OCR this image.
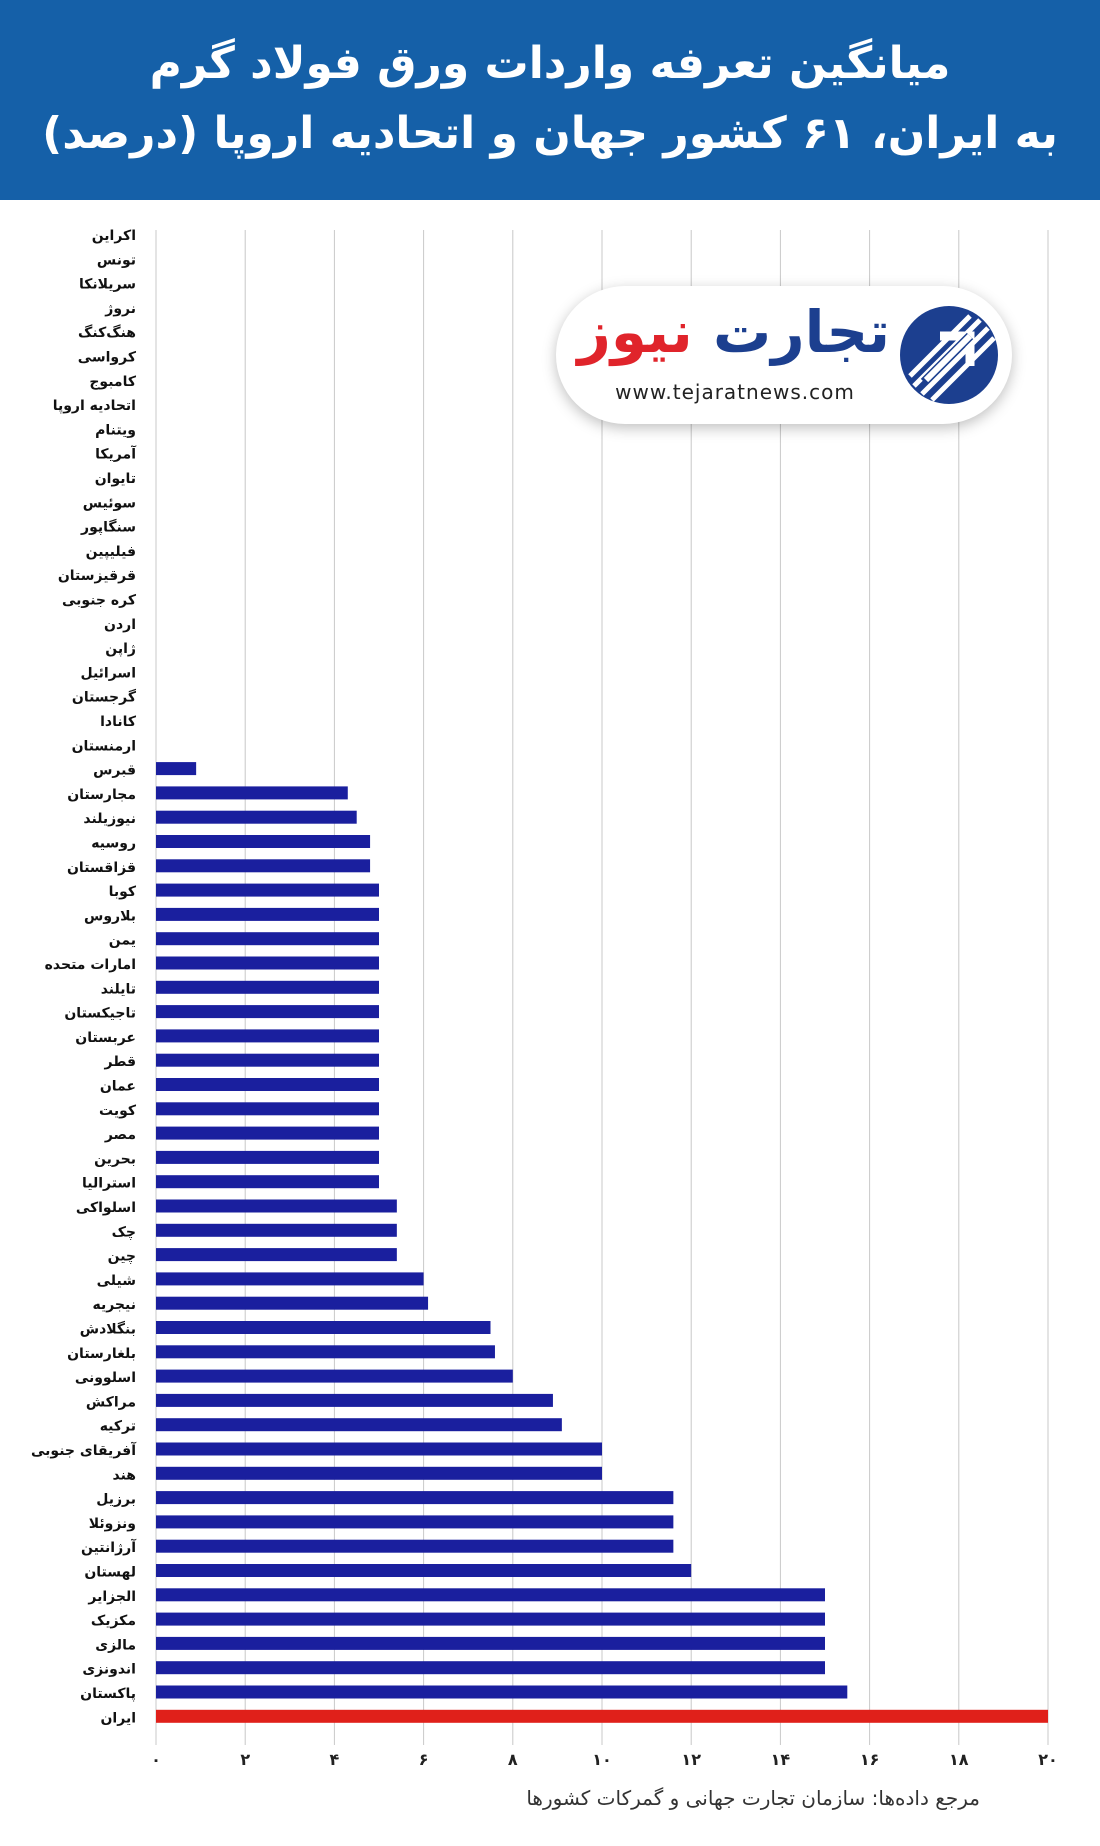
میانگین تعرفه واردات ورق فولاد گرم
به ایران، ۶۱ کشور جهان و اتحادیه اروپا (درصد)
اکراین
تونس
سریلانکا
نروژ
هنگ‌کنگ
کرواسی
کامبوج
اتحادیه اروپا
ویتنام
آمریکا
تایوان
سوئیس
سنگاپور
فیلیپین
قرقیزستان
کره جنوبی
اردن
ژاپن
اسرائیل
گرجستان
کانادا
ارمنستان
قبرس
مجارستان
نیوزیلند
روسیه
قزاقستان
کوبا
بلاروس
یمن
امارات متحده
تایلند
تاجیکستان
عربستان
قطر
عمان
کویت
مصر
بحرین
استرالیا
اسلواکی
چک
چین
شیلی
نیجریه
بنگلادش
بلغارستان
اسلوونی
مراکش
ترکیه
آفریقای جنوبی
هند
برزیل
ونزوئلا
آرژانتین
لهستان
الجزایر
مکزیک
مالزی
اندونزی
پاکستان
ایران
۰	۲	۴	۶	۸	۱۰	۱۲	۱۴	۱۶	۱۸	۲۰
تجارت نیوز
www.tejaratnews.com
مرجع داده‌ها: سازمان تجارت جهانی و گمرکات کشورها
